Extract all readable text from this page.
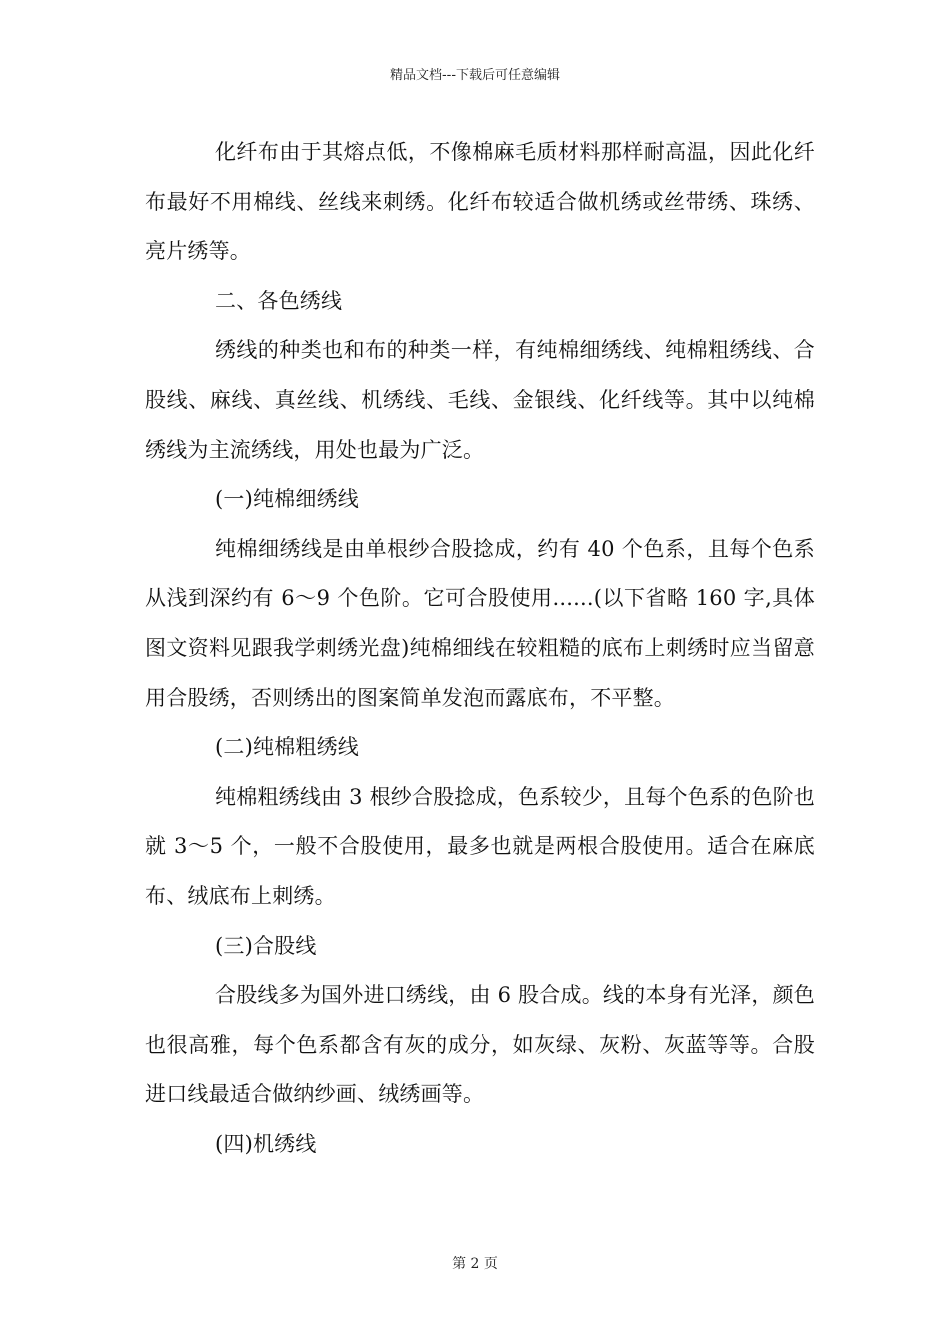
精品文档---下载后可任意编辑

化纤布由于其熔点低，不像棉麻毛质材料那样耐高温，因此化纤布最好不用棉线、丝线来刺绣。化纤布较适合做机绣或丝带绣、珠绣、亮片绣等。

二、各色绣线

绣线的种类也和布的种类一样，有纯棉细绣线、纯棉粗绣线、合股线、麻线、真丝线、机绣线、毛线、金银线、化纤线等。其中以纯棉绣线为主流绣线，用处也最为广泛。

(一)纯棉细绣线

纯棉细绣线是由单根纱合股捻成，约有 40 个色系，且每个色系从浅到深约有 6～9 个色阶。它可合股使用......(以下省略 160 字,具体图文资料见跟我学刺绣光盘)纯棉细线在较粗糙的底布上刺绣时应当留意用合股绣，否则绣出的图案简单发泡而露底布，不平整。

(二)纯棉粗绣线

纯棉粗绣线由 3 根纱合股捻成，色系较少，且每个色系的色阶也就 3～5 个，一般不合股使用，最多也就是两根合股使用。适合在麻底布、绒底布上刺绣。

(三)合股线

合股线多为国外进口绣线，由 6 股合成。线的本身有光泽，颜色也很高雅，每个色系都含有灰的成分，如灰绿、灰粉、灰蓝等等。合股进口线最适合做纳纱画、绒绣画等。

(四)机绣线

第 2 页
